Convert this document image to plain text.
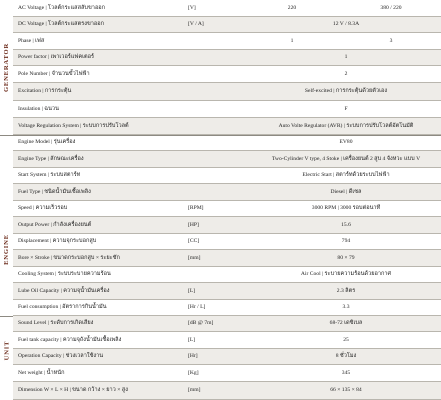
GENERATOR
ENGINE
UNIT
AC Voltage | โวลต์กระแสสลับขาออก	[V]	220	380 / 220
DC Voltage | โวลต์กระแสตรงขาออก	[V / A]	12 V / 8.3A
Phase | เฟส	1	3
Power factor | เพาเวอร์แฟคเตอร์	1
Pole Number | จำนวนขั้วไฟฟ้า	2
Excitation | การกระตุ้น	Self-excited | การกระตุ้นด้วยตัวเอง
Insulation | ฉนวน	F
Voltage Regulation System | ระบบการปรับโวลต์	Auto Volte Regulator (AVR) | ระบบการปรับโวลต์อัตโนมัติ
Engine Model | รุ่นเครื่อง	EV80
Engine Type | ลักษณะเครื่อง	Two-Cylinder V type, 4 Stoke | เครื่องยนต์ 2 สูบ 4 จังหวะ แบบ V
Start System | ระบบสตาร์ท	Electric Start | สตาร์ทด้วยระบบไฟฟ้า
Fuel Type | ชนิดน้ำมันเชื้อเพลิง	Diesel | ดีเซล
Speed | ความเร็วรอบ	[RPM]	3000 RPM | 3000 รอบต่อนาที
Output Power | กำลังเครื่องยนต์	[HP]	15.6
Displacement | ความจุกระบอกสูบ	[CC]	794
Bore × Stroke | ขนาดกระบอกสูบ × ระยะชัก	[mm]	80 × 79
Cooling System | ระบบระบายความร้อน	Air Cool | ระบายความร้อนด้วยอากาศ
Lube Oil Capacity | ความจุน้ำมันเครื่อง	[L]	2.3 ลิตร
Fuel consumption | อัตราการกินน้ำมัน	[Hr / L]	3.3
Sound Level | ระดับการเกิดเสียง	[dB @ 7m]	68-72 เดซิเบล
Fuel tank capacity | ความจุถังน้ำมันเชื้อเพลิง	[L]	25
Operation Capacity | ช่วงเวลาใช้งาน	[Hr]	8 ชั่วโมง
Net weight | น้ำหนัก	[Kg]	345
Dimension W × L × H | ขนาด กว้าง × ยาว × สูง	[mm]	66 × 135 × 84
